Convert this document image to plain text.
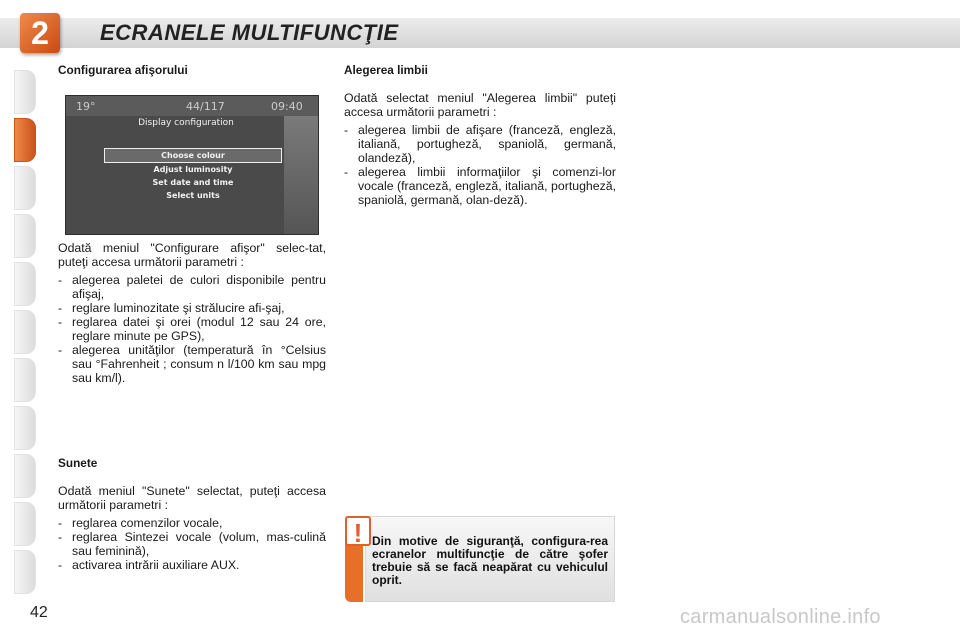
2	ECRANELE MULTIFUNCŢIE

Configurarea afişorului

19°	44/117	09:40
Display configuration
Choose colour
Adjust luminosity
Set date and time
Select units

Odată meniul "Configurare afişor" selec-tat, puteţi accesa următorii parametri :

- alegerea paletei de culori disponibile pentru afişaj,
- reglare luminozitate şi strălucire afi-şaj,
- reglarea datei şi orei (modul 12 sau 24 ore, reglare minute pe GPS),
- alegerea unităţilor (temperatură în °Celsius sau °Fahrenheit ; consum n l/100 km sau mpg sau km/l).

Sunete

Odată meniul "Sunete" selectat, puteţi accesa următorii parametri :

- reglarea comenzilor vocale,
- reglarea Sintezei vocale (volum, mas-culină sau feminină),
- activarea intrării auxiliare AUX.

Alegerea limbii

Odată selectat meniul "Alegerea limbii" puteţi accesa următorii parametri :

- alegerea limbii de afişare (franceză, engleză, italiană, portugheză, spaniolă, germană, olandeză),
- alegerea limbii informaţiilor şi comenzi-lor vocale (franceză, engleză, italiană, portugheză, spaniolă, germană, olan-deză).
Din motive de siguranţă, configura-rea ecranelor multifuncţie de către şofer trebuie să se facă neapărat cu vehiculul oprit.
!
42	carmanualsonline.info
